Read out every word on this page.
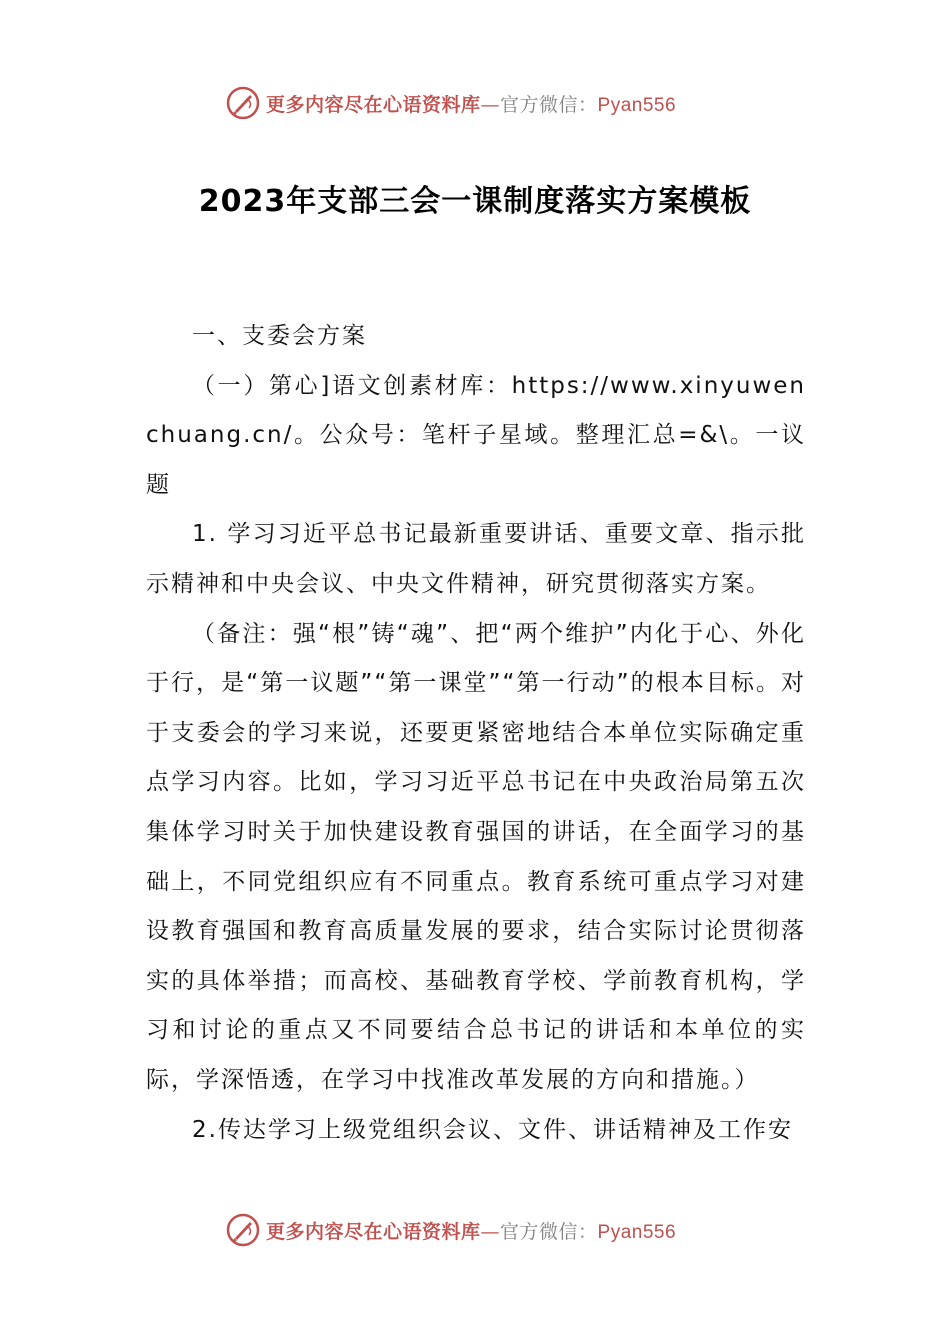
更多内容尽在心语资料库—官方微信：Pyan556
2023年支部三会一课制度落实方案模板

一、支委会方案

（一）第心]语文创素材库：https://www.xinyuwenchuang.cn/。公众号：笔杆子星域。整理汇总=&\。一议题

1. 学习习近平总书记最新重要讲话、重要文章、指示批示精神和中央会议、中央文件精神，研究贯彻落实方案。

（备注：强“根”铸“魂”、把“两个维护”内化于心、外化于行，是“第一议题”“第一课堂”“第一行动”的根本目标。对于支委会的学习来说，还要更紧密地结合本单位实际确定重点学习内容。比如，学习习近平总书记在中央政治局第五次集体学习时关于加快建设教育强国的讲话，在全面学习的基础上，不同党组织应有不同重点。教育系统可重点学习对建设教育强国和教育高质量发展的要求，结合实际讨论贯彻落实的具体举措；而高校、基础教育学校、学前教育机构，学习和讨论的重点又不同要结合总书记的讲话和本单位的实际，学深悟透，在学习中找准改革发展的方向和措施。）

2.传达学习上级党组织会议、文件、讲话精神及工作安

更多内容尽在心语资料库—官方微信：Pyan556
